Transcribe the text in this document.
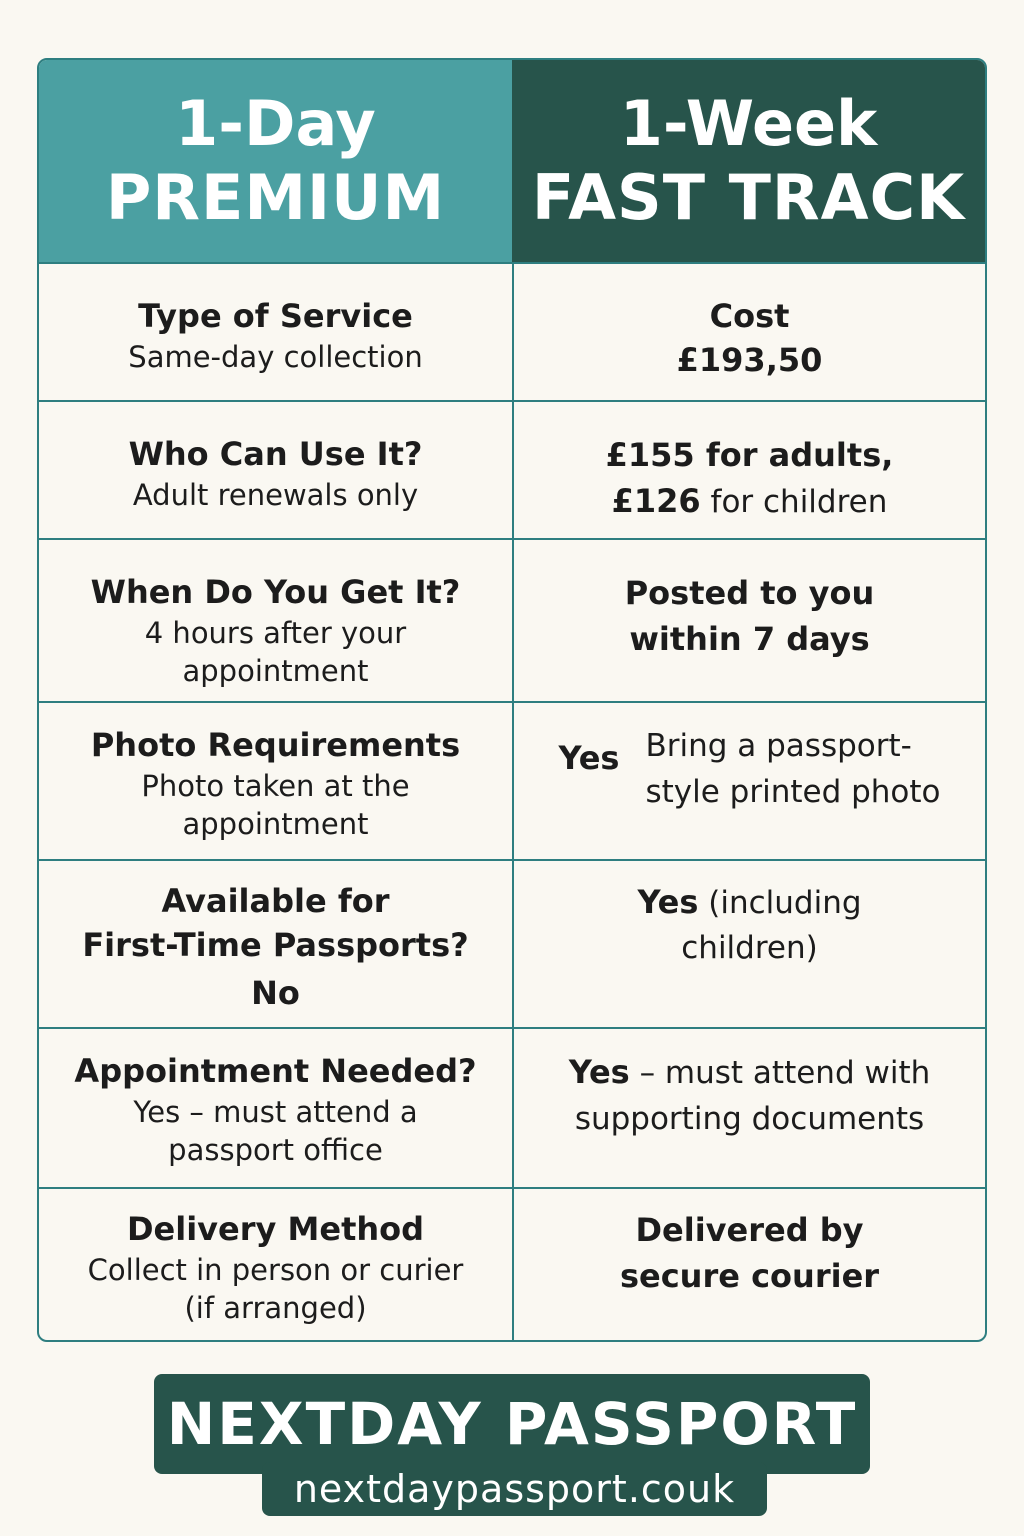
1-Day
PREMIUM
1-Week
FAST TRACK
Type of Service
Same-day collection
Cost
£193,50
Who Can Use It?
Adult renewals only
£155 for adults,
£126 for children
When Do You Get It?
4 hours after your
appointment
Posted to you
within 7 days
Photo Requirements
Photo taken at the
appointment
Yes Bring a passport-
style printed photo
Available for
First-Time Passports?
No
Yes (including
children)
Appointment Needed?
Yes – must attend a
passport office
Yes – must attend with
supporting documents
Delivery Method
Collect in person or curier
(if arranged)
Delivered by
secure courier
NEXTDAY PASSPORT
nextdaypassport.couk
